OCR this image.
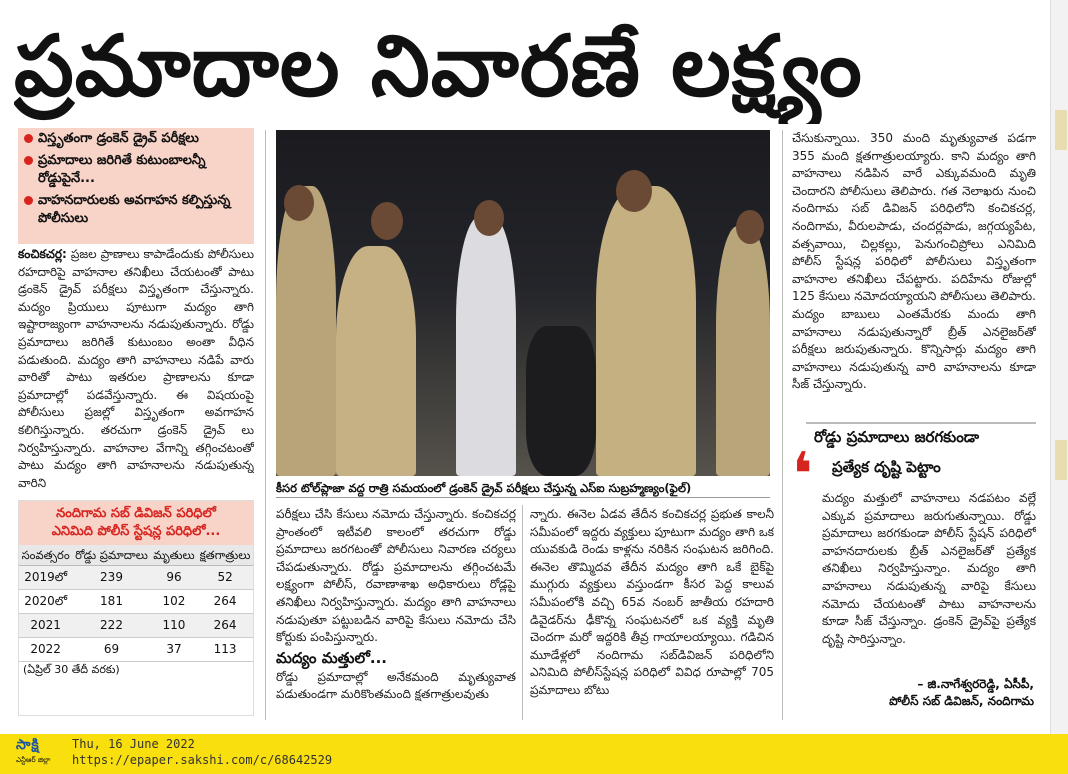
ప్రమాదాల నివారణే లక్ష్యం
విస్తృతంగా డ్రంకెన్ డ్రైవ్ పరీక్షలు
ప్రమాదాలు జరిగితే కుటుంబాలన్నీ రోడ్డుపైనే...
వాహనదారులకు అవగాహన కల్పిస్తున్న పోలీసులు

కంచికచర్ల: ప్రజల ప్రాణాలు కాపాడేందుకు పోలీసులు రహదారిపై వాహనాల తనిఖీలు చేయటంతో పాటు డ్రంకెన్ డ్రైవ్ పరీక్షలు విస్తృతంగా చేస్తున్నారు. మద్యం ప్రియులు పూటుగా మద్యం తాగి ఇష్టారాజ్యంగా వాహనాలను నడుపుతున్నారు. రోడ్డు ప్రమాదాలు జరిగితే కుటుంబం అంతా వీధిన పడుతుంది. మద్యం తాగి వాహనాలు నడిపే వారు వారితో పాటు ఇతరుల ప్రాణాలను కూడా ప్రమాదాల్లో పడవేస్తున్నారు. ఈ విషయంపై పోలీసులు ప్రజల్లో విస్తృతంగా అవగాహన కలిగిస్తున్నారు. తరచుగా డ్రంకెన్ డ్రైవ్ లు నిర్వహిస్తున్నారు. వాహనాల వేగాన్ని తగ్గించటంతో పాటు మద్యం తాగి వాహనాలను నడుపుతున్న వారిని	కీసర టోల్‌ప్లాజా వద్ద రాత్రి సమయంలో డ్రంకెన్ డ్రైవ్ పరీక్షలు చేస్తున్న ఎస్ఐ సుబ్రహ్మణ్యం(ఫైల్)
నందిగామ సబ్ డివిజన్ పరిధిలో
ఎనిమిది పోలీస్ స్టేషన్ల పరిధిలో...
సంవత్సరం	రోడ్డు ప్రమాదాలు	మృతులు	క్షతగాత్రులు
2019లో	239	96	52
2020లో	181	102	264
2021	222	110	264
2022	69	37	113
(ఏప్రిల్ 30 తేదీ వరకు)

పరీక్షలు చేసి కేసులు నమోదు చేస్తున్నారు. కంచికచర్ల ప్రాంతంలో ఇటీవలి కాలంలో తరచుగా రోడ్డు ప్రమాదాలు జరగటంతో పోలీసులు నివారణ చర్యలు చేపడుతున్నారు. రోడ్డు ప్రమాదాలను తగ్గించటమే లక్ష్యంగా పోలీస్, రవాణాశాఖ అధికారులు రోడ్లపై తనిఖీలు నిర్వహిస్తున్నారు. మద్యం తాగి వాహనాలు నడుపుతూ పట్టుబడిన వారిపై కేసులు నమోదు చేసి కోర్టుకు పంపిస్తున్నారు.

మద్యం మత్తులో...

రోడ్డు ప్రమాదాల్లో అనేకమంది మృత్యువాత పడుతుండగా మరికొంతమంది క్షతగాత్రులవుతు

న్నారు. ఈనెల ఏడవ తేదీన కంచికచర్ల ప్రభుత కాలనీ సమీపంలో ఇద్దరు వ్యక్తులు పూటుగా మద్యం తాగి ఒక యువకుడి రెండు కాళ్లను నరికిన సంఘటన జరిగింది. ఈనెల తొమ్మిదవ తేదీన మద్యం తాగి ఒకే బైక్‌పై ముగ్గురు వ్యక్తులు వస్తుండగా కీసర పెద్ద కాలువ సమీపంలోకి వచ్చి 65వ నంబర్ జాతీయ రహదారి డివైడర్‌ను ఢీకొన్న సంఘటనలో ఒక వ్యక్తి మృతి చెందగా మరో ఇద్దరికి తీవ్ర గాయాలయ్యాయి. గడిచిన మూడేళ్లలో నందిగామ సబ్‌డివిజన్ పరిధిలోని ఎనిమిది పోలీస్‌స్టేషన్ల పరిధిలో వివిధ రూపాల్లో 705 ప్రమాదాలు బోటు

చేసుకున్నాయి. 350 మంది మృత్యువాత పడగా 355 మంది క్షతగాత్రులయ్యారు. కాని మద్యం తాగి వాహనాలు నడిపిన వారే ఎక్కువమంది మృతి చెందారని పోలీసులు తెలిపారు. గత నెలాఖరు నుంచి నందిగామ సబ్ డివిజన్ పరిధిలోని కంచికచర్ల, నందిగామ, వీరులపాడు, చందర్లపాడు, జగ్గయ్యపేట, వత్సవాయి, చిల్లకల్లు, పెనుగంచిప్రోలు ఎనిమిది పోలీస్ స్టేషన్ల పరిధిలో పోలీసులు విస్తృతంగా వాహనాల తనిఖీలు చేపట్టారు. పదిహేను రోజుల్లో 125 కేసులు నమోదయ్యాయని పోలీసులు తెలిపారు. మద్యం బాబులు ఎంతమేరకు మందు తాగి వాహనాలు నడుపుతున్నారో బ్రీత్ ఎనలైజర్‌తో పరీక్షలు జరుపుతున్నారు. కొన్నిసార్లు మద్యం తాగి వాహనాలు నడుపుతున్న వారి వాహనాలను కూడా సీజ్ చేస్తున్నారు.

రోడ్డు ప్రమాదాలు జరగకుండా
ప్రత్యేక దృష్టి పెట్టాం
❛ మద్యం మత్తులో వాహనాలు నడపటం వల్లే ఎక్కువ ప్రమాదాలు జరుగుతున్నాయి. రోడ్డు ప్రమాదాలు జరగకుండా పోలీస్ స్టేషన్ పరిధిలో వాహనదారులకు బ్రీత్ ఎనలైజర్‌తో ప్రత్యేక తనిఖీలు నిర్వహిస్తున్నాం. మద్యం తాగి వాహనాలు నడుపుతున్న వారిపై కేసులు నమోదు చేయటంతో పాటు వాహనాలను కూడా సీజ్ చేస్తున్నాం. డ్రంకెన్ డ్రైవ్‌పై ప్రత్యేక దృష్టి సారిస్తున్నాం.

– జి.నాగేశ్వరరెడ్డి, ఏసీపీ,
పోలీస్ సబ్ డివిజన్, నందిగామ
సాక్షి
ఎన్టీఆర్ జిల్లా
Thu, 16 June 2022
https://epaper.sakshi.com/c/68642529
